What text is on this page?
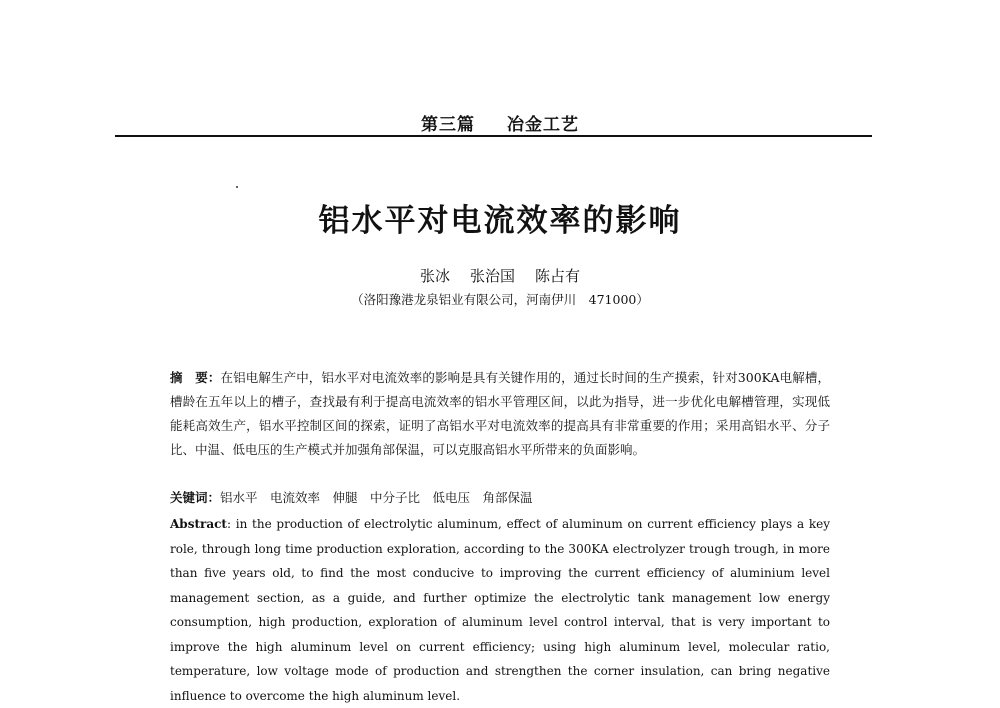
第三篇 冶金工艺
铝水平对电流效率的影响
张冰 张治国 陈占有
（洛阳豫港龙泉铝业有限公司，河南伊川　471000）
摘　要：在铝电解生产中，铝水平对电流效率的影响是具有关键作用的，通过长时间的生产摸索，针对300KA电解槽，槽龄在五年以上的槽子，查找最有利于提高电流效率的铝水平管理区间，以此为指导，进一步优化电解槽管理，实现低能耗高效生产，铝水平控制区间的探索，证明了高铝水平对电流效率的提高具有非常重要的作用；采用高铝水平、分子比、中温、低电压的生产模式并加强角部保温，可以克服高铝水平所带来的负面影响。
关键词：铝水平　电流效率　伸腿　中分子比　低电压　角部保温
Abstract: in the production of electrolytic aluminum, effect of aluminum on current efficiency plays a key role, through long time production exploration, according to the 300KA electrolyzer trough trough, in more than five years old, to find the most conducive to improving the current efficiency of aluminium level management section, as a guide, and further optimize the electrolytic tank management low energy consumption, high production, exploration of aluminum level control interval, that is very important to improve the high aluminum level on current efficiency; using high aluminum level, molecular ratio, temperature, low voltage mode of production and strengthen the corner insulation, can bring negative influence to overcome the high aluminum level.
